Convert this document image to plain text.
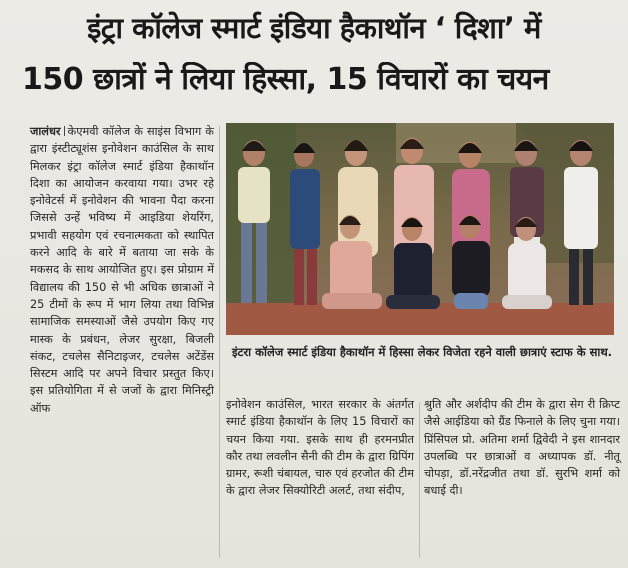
इंट्रा कॉलेज स्मार्ट इंडिया हैकाथॉन ‘ दिशा’ में
150 छात्रों ने लिया हिस्सा, 15 विचारों का चयन
जालंधर केएमवी कॉलेज के साइंस विभाग के द्वारा इंस्टीट्यूशंस इनोवेशन काउंसिल के साथ मिलकर इंट्रा कॉलेज स्मार्ट इंडिया हैकाथॉन दिशा का आयोजन करवाया गया। उभर रहे इनोवेटर्स में इनोवेशन की भावना पैदा करना जिससे उन्हें भविष्य में आइडिया शेयरिंग, प्रभावी सहयोग एवं रचनात्मकता को स्थापित करने आदि के बारे में बताया जा सके के मकसद के साथ आयोजित हुए। इस प्रोग्राम में विद्यालय की 150 से भी अधिक छात्राओं ने 25 टीमों के रूप में भाग लिया तथा विभिन्न सामाजिक समस्याओं जैसे उपयोग किए गए मास्क के प्रबंधन, लेजर सुरक्षा, बिजली संकट, टचलेस सैनिटाइजर, टचलेस अटेंडेंस सिस्टम आदि पर अपने विचार प्रस्तुत किए। इस प्रतियोगिता में से जजों के द्वारा मिनिस्ट्री ऑफ
इंटरा कॉलेज स्मार्ट इंडिया हैकाथॉन में हिस्सा लेकर विजेता रहने वाली छात्राएं स्टाफ के साथ.
इनोवेशन काउंसिल, भारत सरकार के अंतर्गत स्मार्ट इंडिया हैकाथॉन के लिए 15 विचारों का चयन किया गया. इसके साथ ही हरमनप्रीत कौर तथा लवलीन सैनी की टीम के द्वारा ग्रिपिंग ग्रामर, रूशी चंबायल, चारु एवं हरजोत की टीम के द्वारा लेजर सिक्योरिटी अलर्ट, तथा संदीप,
श्रुति और अर्शदीप की टीम के द्वारा सेग री क्रिप्ट जैसे आईडिया को ग्रैंड फिनाले के लिए चुना गया। प्रिंसिपल प्रो. अतिमा शर्मा द्विवेदी ने इस शानदार उपलब्धि पर छात्राओं व अध्यापक डॉ. नीतू चोपड़ा, डॉ.नरेंद्रजीत तथा डॉ. सुरभि शर्मा को बधाई दी।
